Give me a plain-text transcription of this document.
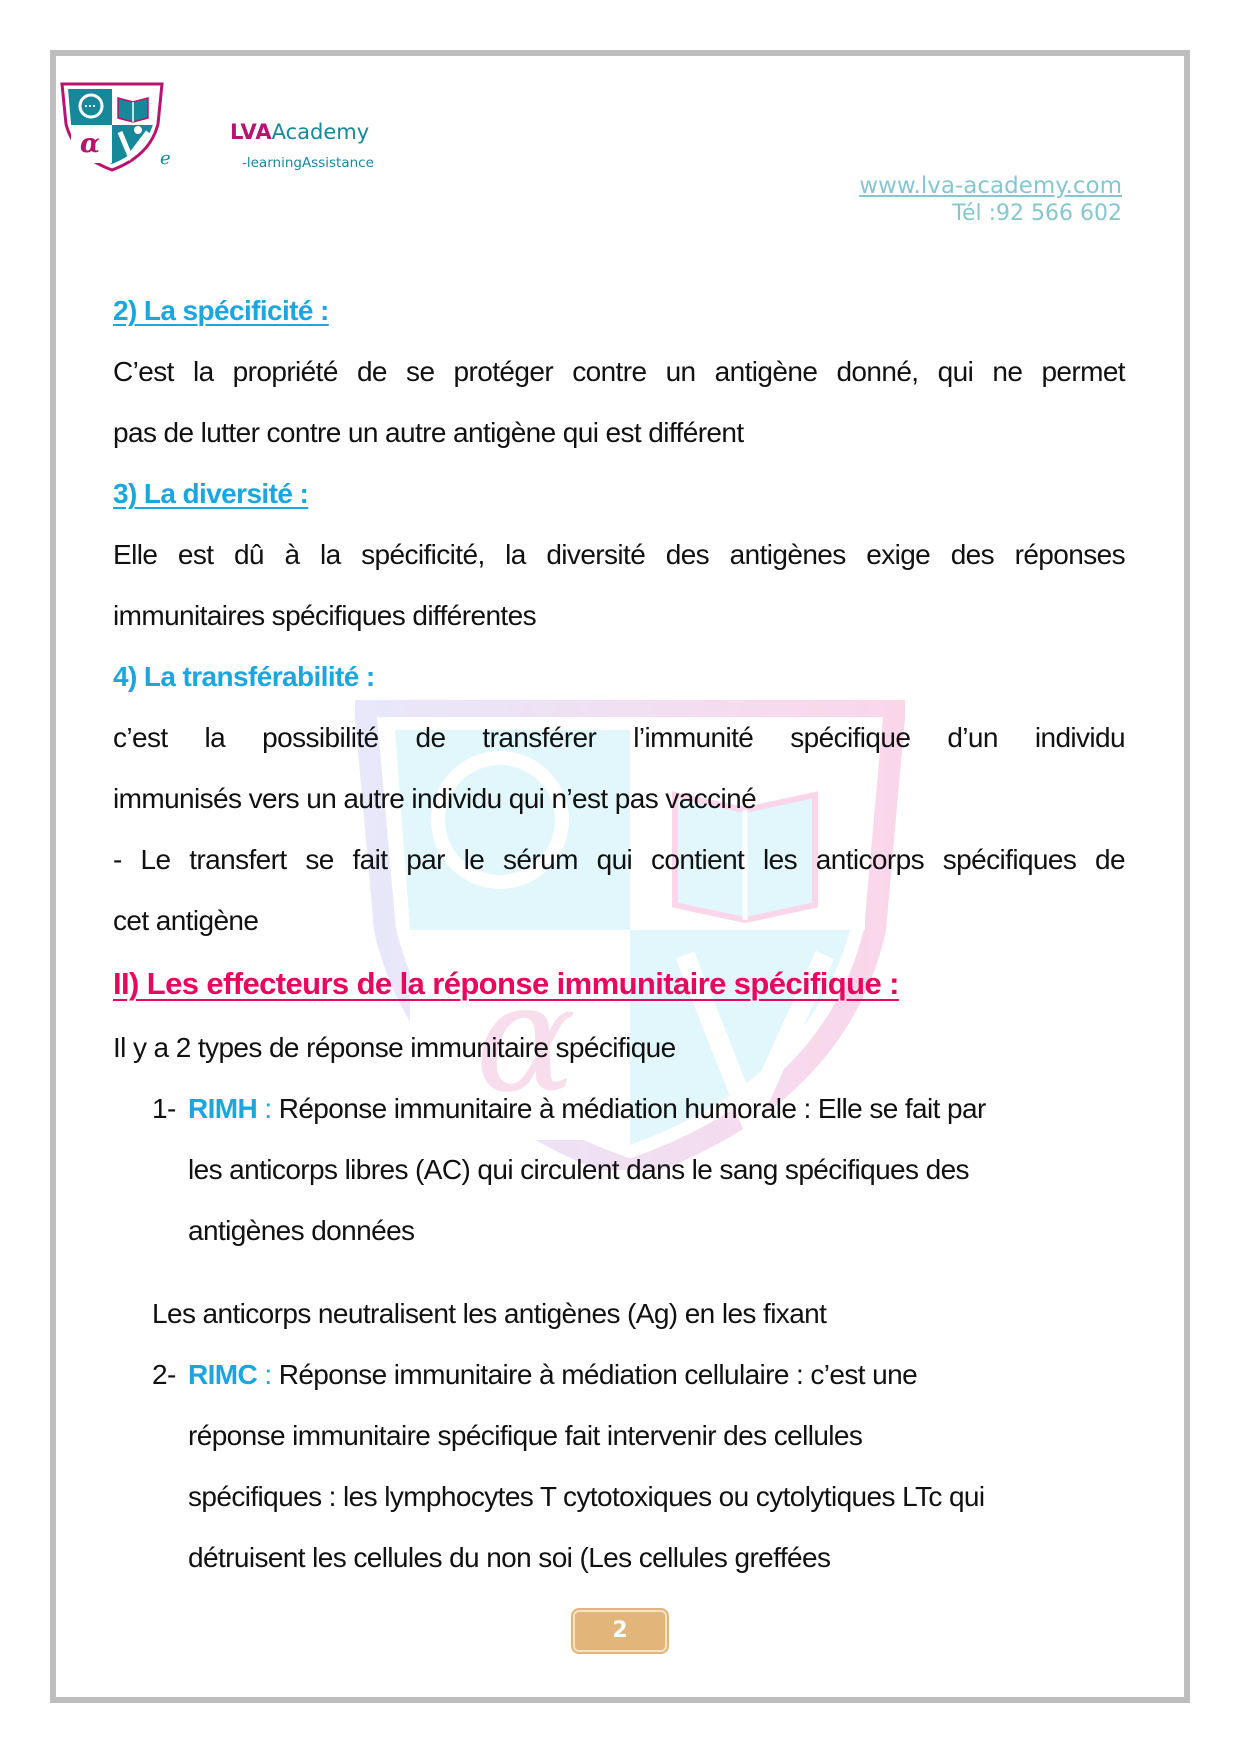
α	e
LVAAcademy
-learningAssistance
www.lva-academy.com
Tél :92 566 602
α
2) La spécificité :
C’est la propriété de se protéger contre un antigène donné, qui ne permet
pas de lutter contre un autre antigène qui est différent
3) La diversité :
Elle est dû à la spécificité, la diversité des antigènes exige des réponses
immunitaires spécifiques différentes
4) La transférabilité :
c’est la possibilité de transférer l’immunité spécifique d’un individu
immunisés vers un autre individu qui n’est pas vacciné
- Le transfert se fait par le sérum qui contient les anticorps spécifiques de
cet antigène
II) Les effecteurs de la réponse immunitaire spécifique :
Il y a 2 types de réponse immunitaire spécifique
1- RIMH : Réponse immunitaire à médiation humorale : Elle se fait par
les anticorps libres (AC) qui circulent dans le sang spécifiques des
antigènes données
Les anticorps neutralisent les antigènes (Ag) en les fixant
2- RIMC : Réponse immunitaire à médiation cellulaire : c’est une
réponse immunitaire spécifique fait intervenir des cellules
spécifiques : les lymphocytes T cytotoxiques ou cytolytiques LTc qui
détruisent les cellules du non soi (Les cellules greffées
2
